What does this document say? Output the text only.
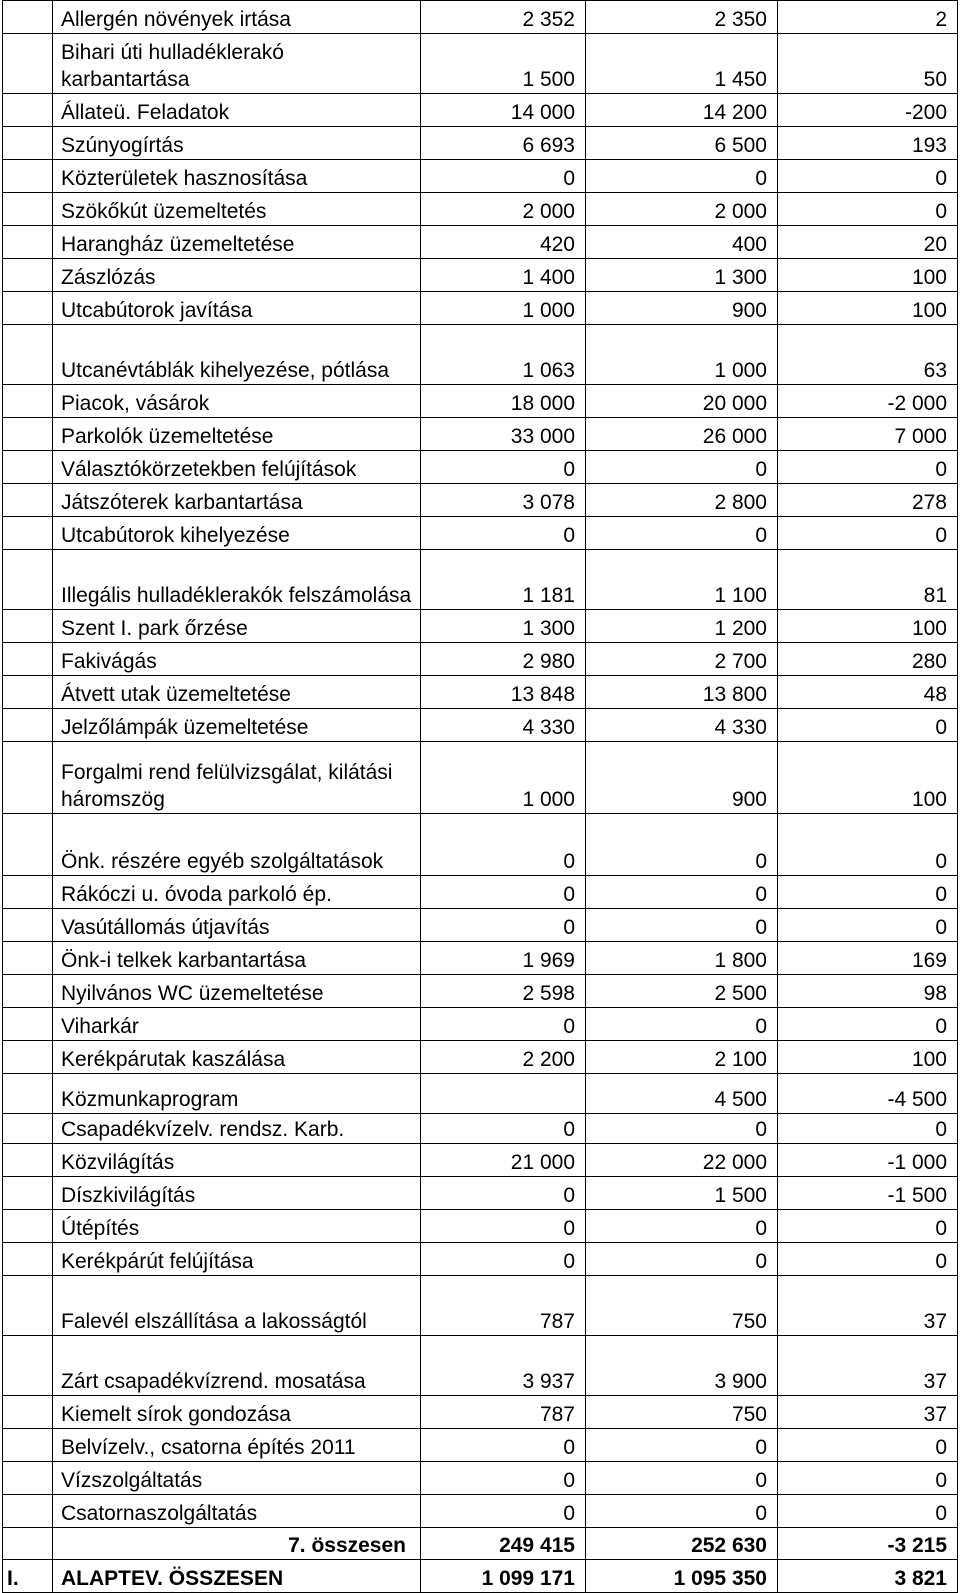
	Allergén növények irtása	2 352	2 350	2
	Bihari úti hulladéklerakó karbantartása	1 500	1 450	50
	Állateü. Feladatok	14 000	14 200	-200
	Szúnyogírtás	6 693	6 500	193
	Közterületek hasznosítása	0	0	0
	Szökőkút üzemeltetés	2 000	2 000	0
	Harangház üzemeltetése	420	400	20
	Zászlózás	1 400	1 300	100
	Utcabútorok javítása	1 000	900	100
	Utcanévtáblák kihelyezése, pótlása	1 063	1 000	63
	Piacok, vásárok	18 000	20 000	-2 000
	Parkolók üzemeltetése	33 000	26 000	7 000
	Választókörzetekben felújítások	0	0	0
	Játszóterek karbantartása	3 078	2 800	278
	Utcabútorok kihelyezése	0	0	0
	Illegális hulladéklerakók felszámolása	1 181	1 100	81
	Szent I. park őrzése	1 300	1 200	100
	Fakivágás	2 980	2 700	280
	Átvett utak üzemeltetése	13 848	13 800	48
	Jelzőlámpák üzemeltetése	4 330	4 330	0
	Forgalmi rend felülvizsgálat, kilátási háromszög	1 000	900	100
	Önk. részére egyéb szolgáltatások	0	0	0
	Rákóczi u. óvoda parkoló ép.	0	0	0
	Vasútállomás útjavítás	0	0	0
	Önk-i telkek karbantartása	1 969	1 800	169
	Nyilvános WC üzemeltetése	2 598	2 500	98
	Viharkár	0	0	0
	Kerékpárutak kaszálása	2 200	2 100	100
	Közmunkaprogram		4 500	-4 500
	Csapadékvízelv. rendsz. Karb.	0	0	0
	Közvilágítás	21 000	22 000	-1 000
	Díszkivilágítás	0	1 500	-1 500
	Útépítés	0	0	0
	Kerékpárút felújítása	0	0	0
	Falevél elszállítása a lakosságtól	787	750	37
	Zárt csapadékvízrend. mosatása	3 937	3 900	37
	Kiemelt sírok gondozása	787	750	37
	Belvízelv., csatorna építés 2011	0	0	0
	Vízszolgáltatás	0	0	0
	Csatornaszolgáltatás	0	0	0
	7. összesen	249 415	252 630	-3 215
I.	ALAPTEV. ÖSSZESEN	1 099 171	1 095 350	3 821
